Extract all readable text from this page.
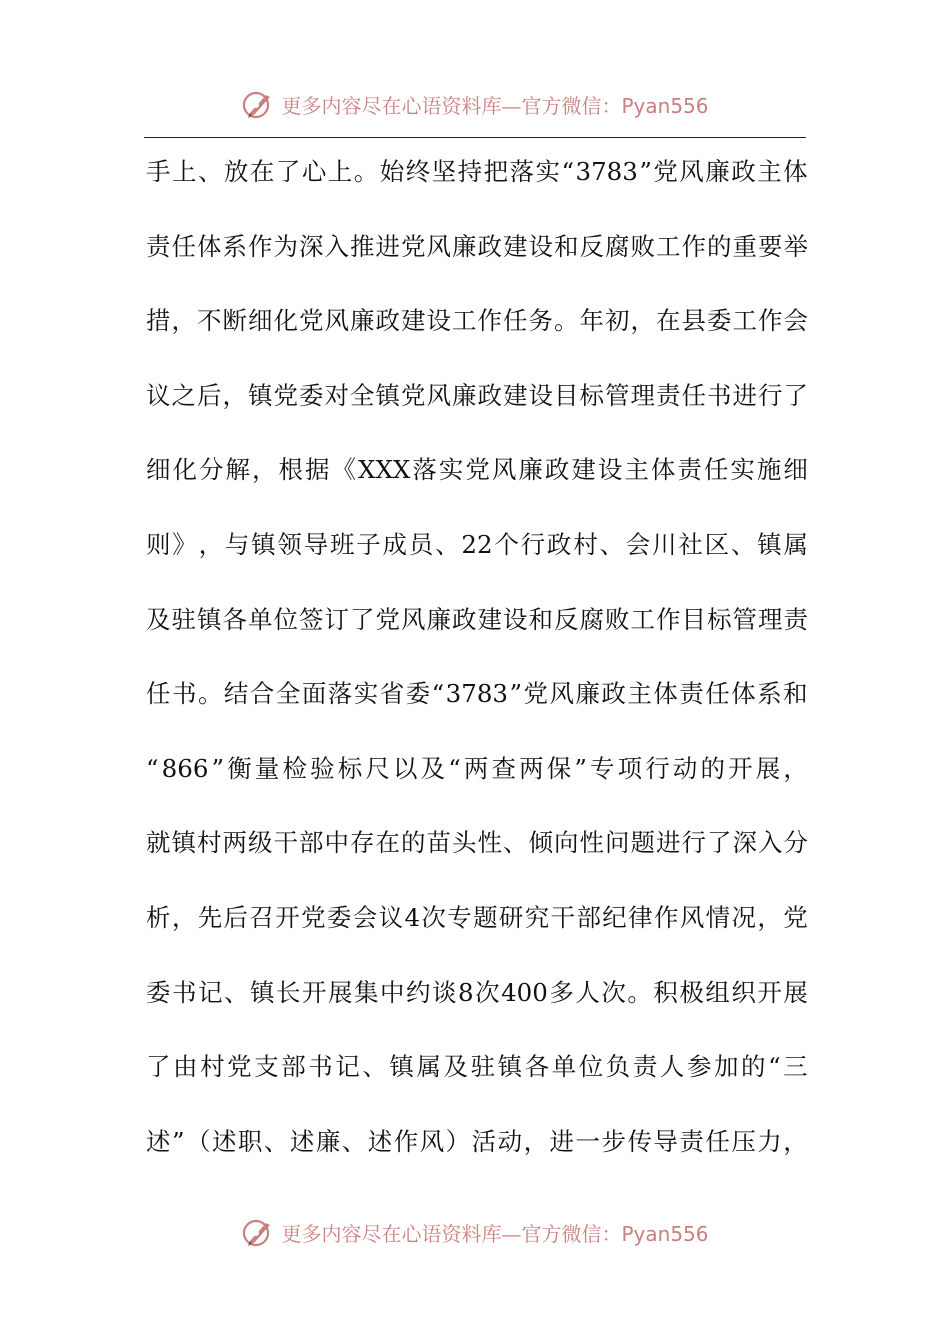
更多内容尽在心语资料库—官方微信：Pyan556
手 上 、 放 在 了 心 上 。 始 终 坚 持 把 落 实 “ 3783 ” 党 风 廉 政 主 体
责 任 体 系 作 为 深 入 推 进 党 风 廉 政 建 设 和 反 腐 败 工 作 的 重 要 举
措 ， 不 断 细 化 党 风 廉 政 建 设 工 作 任 务 。 年 初 ， 在 县 委 工 作 会
议 之 后 ， 镇 党 委 对 全 镇 党 风 廉 政 建 设 目 标 管 理 责 任 书 进 行 了
细 化 分 解 ， 根 据 《 XXX 落 实 党 风 廉 政 建 设 主 体 责 任 实 施 细
则 》 ， 与 镇 领 导 班 子 成 员 、 22 个 行 政 村 、 会 川 社 区 、 镇 属
及 驻 镇 各 单 位 签 订 了 党 风 廉 政 建 设 和 反 腐 败 工 作 目 标 管 理 责
任 书 。 结 合 全 面 落 实 省 委 “ 3783 ” 党 风 廉 政 主 体 责 任 体 系 和
“ 866 ” 衡 量 检 验 标 尺 以 及 “ 两 查 两 保 ” 专 项 行 动 的 开 展 ，
就 镇 村 两 级 干 部 中 存 在 的 苗 头 性 、 倾 向 性 问 题 进 行 了 深 入 分
析 ， 先 后 召 开 党 委 会 议 4 次 专 题 研 究 干 部 纪 律 作 风 情 况 ， 党
委 书 记 、 镇 长 开 展 集 中 约 谈 8 次 400 多 人 次 。 积 极 组 织 开 展
了 由 村 党 支 部 书 记 、 镇 属 及 驻 镇 各 单 位 负 责 人 参 加 的 “ 三
述 ” （ 述 职 、 述 廉 、 述 作 风 ） 活 动 ， 进 一 步 传 导 责 任 压 力 ，
更多内容尽在心语资料库—官方微信：Pyan556
